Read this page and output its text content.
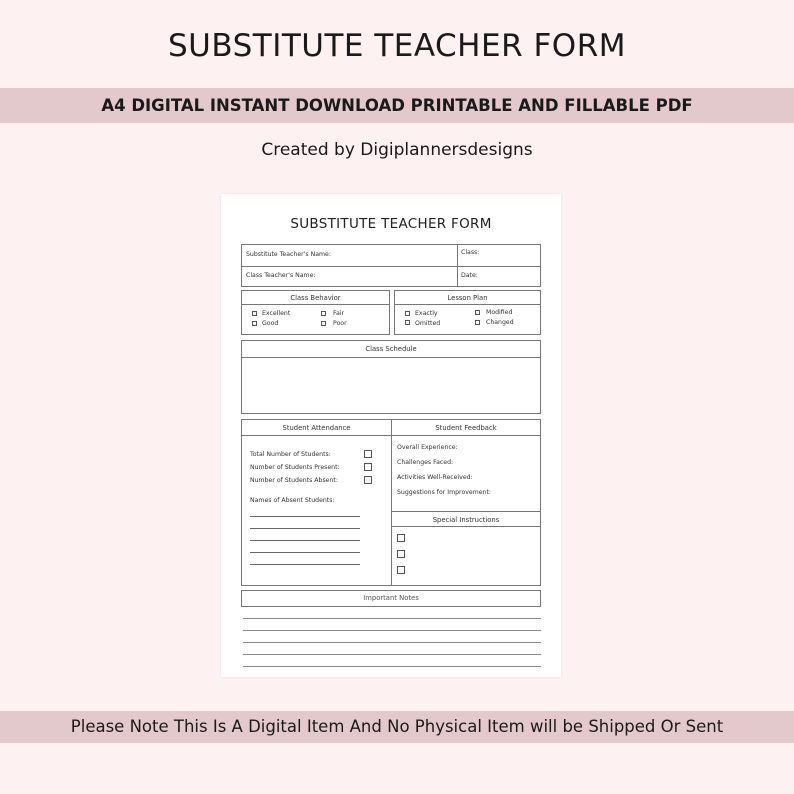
SUBSTITUTE TEACHER FORM
A4 DIGITAL INSTANT DOWNLOAD PRINTABLE AND FILLABLE PDF
Created by Digiplannersdesigns
SUBSTITUTE TEACHER FORM
Substitute Teacher's Name:	Class:
Class Teacher's Name:	Date:
Class Behavior
Excellent	Fair
Good	Poor
Lesson Plan
Exactly	Modified
Omitted	Changed
Class Schedule
Student Attendance	Student Feedback
Total Number of Students:
Number of Students Present:
Number of Students Absent:
Names of Absent Students:
Overall Experience:
Challenges Faced:
Activities Well-Received:
Suggestions for Improvement:
Special Instructions
Important Notes
Please Note This Is A Digital Item And No Physical Item will be Shipped Or Sent
